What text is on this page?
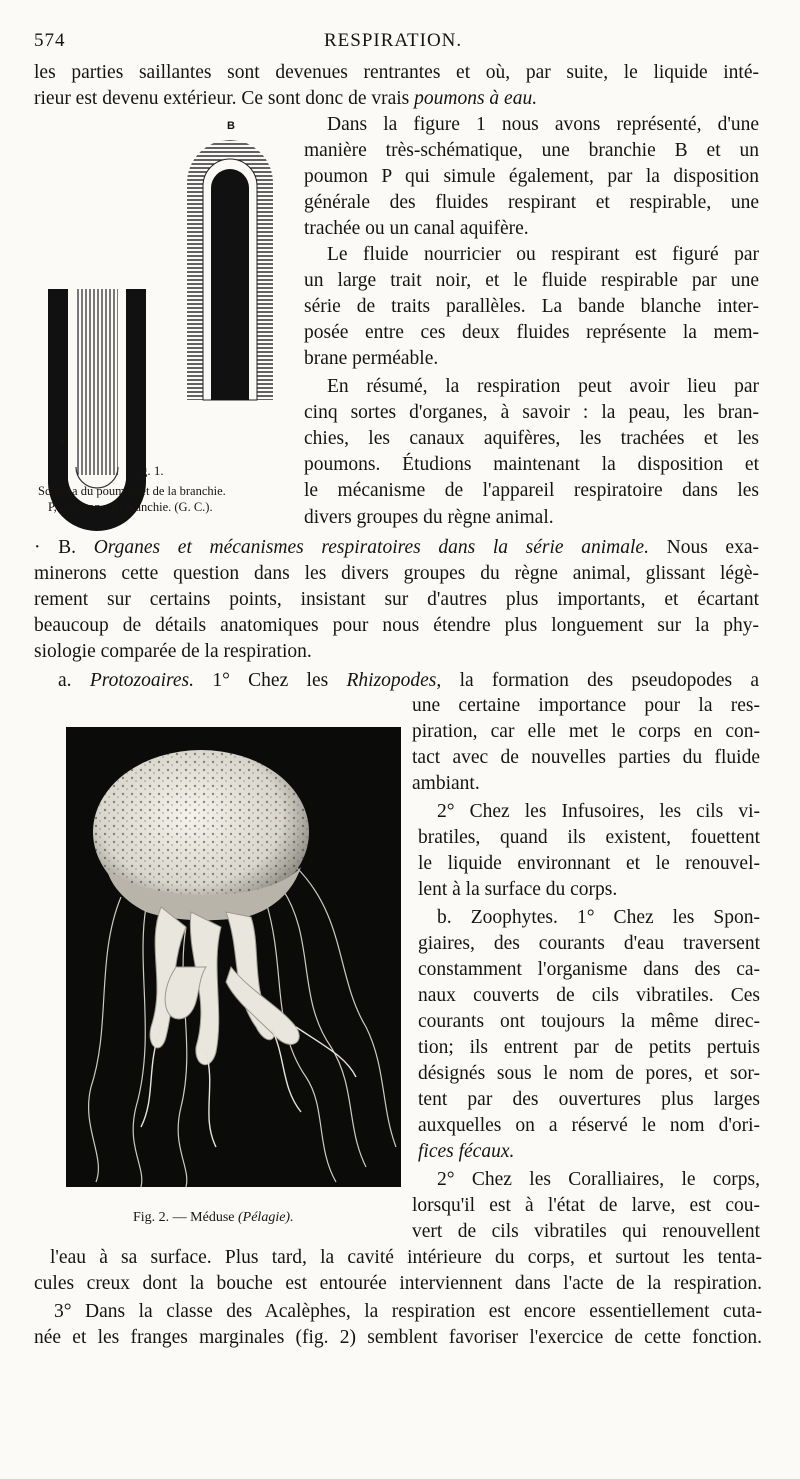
574	RESPIRATION.
les parties saillantes sont devenues rentrantes et où, par suite, le liquide inté-
rieur est devenu extérieur. Ce sont donc de vrais poumons à eau.
B
P
Fig. 1.
Schéma du poumon et de la branchie.
P, poumon ; B, branchie. (G. C.).
Dans la figure 1 nous avons représenté, d'une
manière très-schématique, une branchie B et un
poumon P qui simule également, par la disposition
générale des fluides respirant et respirable, une
trachée ou un canal aquifère.
Le fluide nourricier ou respirant est figuré par
un large trait noir, et le fluide respirable par une
série de traits parallèles. La bande blanche inter-
posée entre ces deux fluides représente la mem-
brane perméable.
En résumé, la respiration peut avoir lieu par
cinq sortes d'organes, à savoir : la peau, les bran-
chies, les canaux aquifères, les trachées et les
poumons. Étudions maintenant la disposition et
le mécanisme de l'appareil respiratoire dans les
divers groupes du règne animal.
· B. Organes et mécanismes respiratoires dans la série animale. Nous exa-
minerons cette question dans les divers groupes du règne animal, glissant légè-
rement sur certains points, insistant sur d'autres plus importants, et écartant
beaucoup de détails anatomiques pour nous étendre plus longuement sur la phy-
siologie comparée de la respiration.
a. Protozoaires. 1° Chez les Rhizopodes, la formation des pseudopodes a
Fig. 2. — Méduse (Pélagie).
une certaine importance pour la res-
piration, car elle met le corps en con-
tact avec de nouvelles parties du fluide
ambiant.
2° Chez les Infusoires, les cils vi-
bratiles, quand ils existent, fouettent
le liquide environnant et le renouvel-
lent à la surface du corps.
b. Zoophytes. 1° Chez les Spon-
giaires, des courants d'eau traversent
constamment l'organisme dans des ca-
naux couverts de cils vibratiles. Ces
courants ont toujours la même direc-
tion; ils entrent par de petits pertuis
désignés sous le nom de pores, et sor-
tent par des ouvertures plus larges
auxquelles on a réservé le nom d'ori-
fices fécaux.
2° Chez les Coralliaires, le corps,
lorsqu'il est à l'état de larve, est cou-
vert de cils vibratiles qui renouvellent
l'eau à sa surface. Plus tard, la cavité intérieure du corps, et surtout les tenta-
cules creux dont la bouche est entourée interviennent dans l'acte de la respiration.
3° Dans la classe des Acalèphes, la respiration est encore essentiellement cuta-
née et les franges marginales (fig. 2) semblent favoriser l'exercice de cette fonction.
